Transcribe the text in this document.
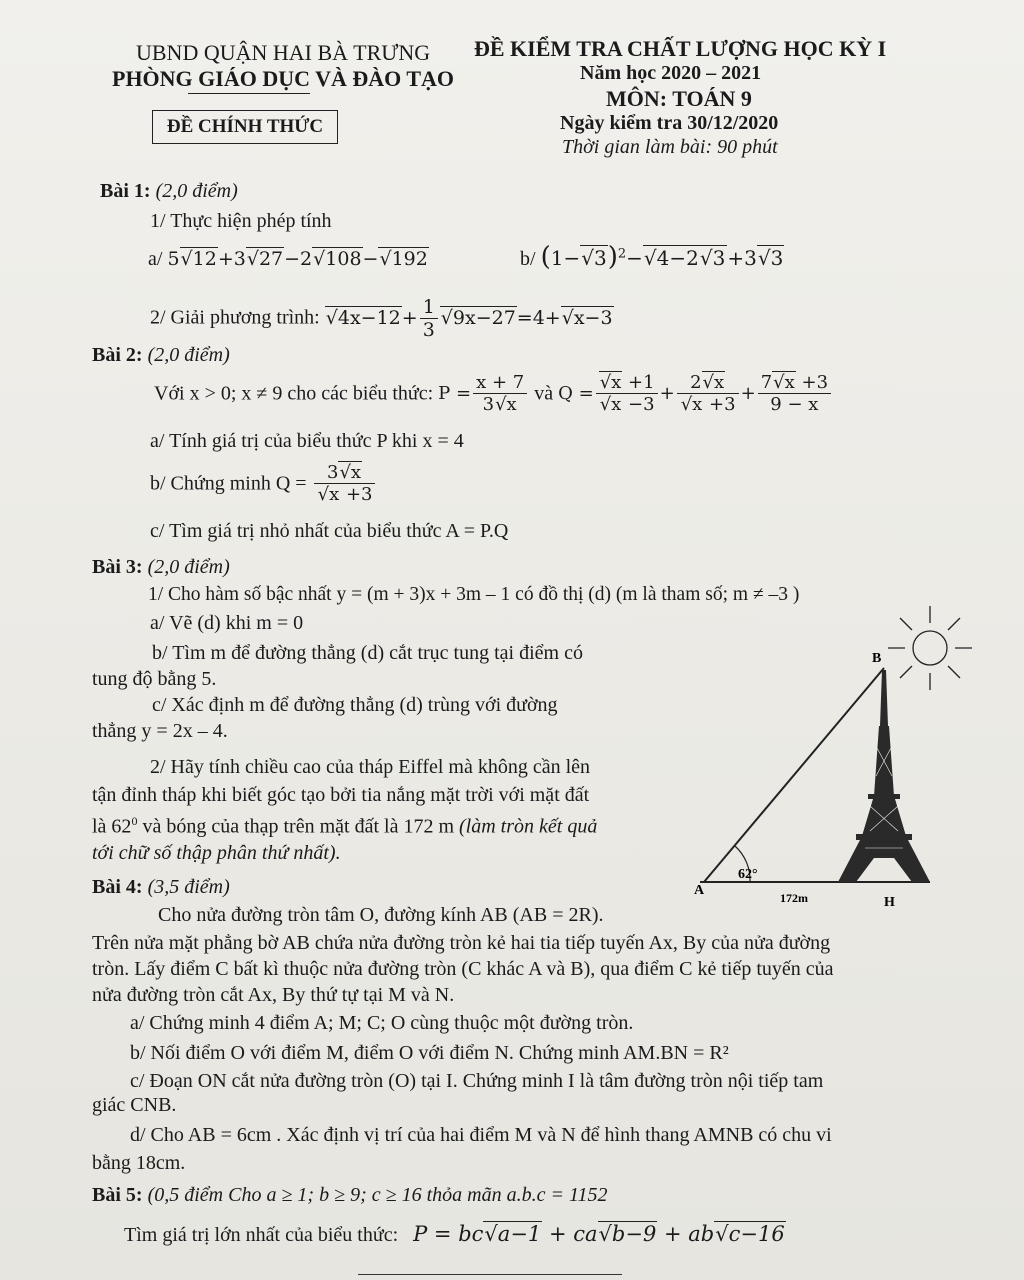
UBND QUẬN HAI BÀ TRƯNG
PHÒNG GIÁO DỤC VÀ ĐÀO TẠO
ĐỀ CHÍNH THỨC
ĐỀ KIỂM TRA CHẤT LƯỢNG HỌC KỲ I
Năm học 2020 – 2021
MÔN: TOÁN 9
Ngày kiểm tra 30/12/2020
Thời gian làm bài: 90 phút
Bài 1: (2,0 điểm)
1/ Thực hiện phép tính
a/ 5 √ 12+3 √ 27−2 √ 108− √ 192	b/ (1− √ 3)$^2$− √ 4−2 √ 3 +3 √ 3
2/ Giải phương trình: √ $4x-12+ \frac{1}{3}$ √ 9x−27=4+ √ x−3
Bài 2: (2,0 điểm)
Với x > 0; x ≠ 9 cho các biểu thức: $P = \frac{x + 7}{3 √ x}$ và Q = √ x +1
√ x −3 + 2 √ x
√ $x +3 + \frac{7 √ x +3}{9 - x}$
a/ Tính giá trị của biểu thức P khi x = 4
b/ Chứng minh Q = 3 √ x
√ x +3
c/ Tìm giá trị nhỏ nhất của biểu thức A = P.Q
Bài 3: (2,0 điểm)
1/ Cho hàm số bậc nhất y = (m + 3)x + 3m – 1 có đồ thị (d) (m là tham số; m ≠ –3 )
a/ Vẽ (d) khi m = 0
b/ Tìm m để đường thẳng (d) cắt trục tung tại điểm có
tung độ bằng 5.
c/ Xác định m để đường thẳng (d) trùng với đường
thẳng y = 2x – 4.
2/ Hãy tính chiều cao của tháp Eiffel mà không cần lên
tận đỉnh tháp khi biết góc tạo bởi tia nắng mặt trời với mặt đất
là $62^0$ và bóng của thạp trên mặt đất là 172 m (làm tròn kết quả
tới chữ số thập phân thứ nhất).
62°
B
A
H
172m
Bài 4: (3,5 điểm)
Cho nửa đường tròn tâm O, đường kính AB (AB = 2R).
Trên nửa mặt phẳng bờ AB chứa nửa đường tròn kẻ hai tia tiếp tuyến Ax, By của nửa đường
tròn. Lấy điểm C bất kì thuộc nửa đường tròn (C khác A và B), qua điểm C kẻ tiếp tuyến của
nửa đường tròn cắt Ax, By thứ tự tại M và N.
a/ Chứng minh 4 điểm A; M; C; O cùng thuộc một đường tròn.
b/ Nối điểm O với điểm M, điểm O với điểm N. Chứng minh AM.BN = R²
c/ Đoạn ON cắt nửa đường tròn (O) tại I. Chứng minh I là tâm đường tròn nội tiếp tam
giác CNB.
d/ Cho AB = 6cm . Xác định vị trí của hai điểm M và N để hình thang AMNB có chu vi
bằng 18cm.
Bài 5: (0,5 điểm Cho a ≥ 1; b ≥ 9; c ≥ 16 thỏa mãn a.b.c = 1152
Tìm giá trị lớn nhất của biểu thức: P = bc √ a−1 + ca √ b−9 + ab √ c−16
